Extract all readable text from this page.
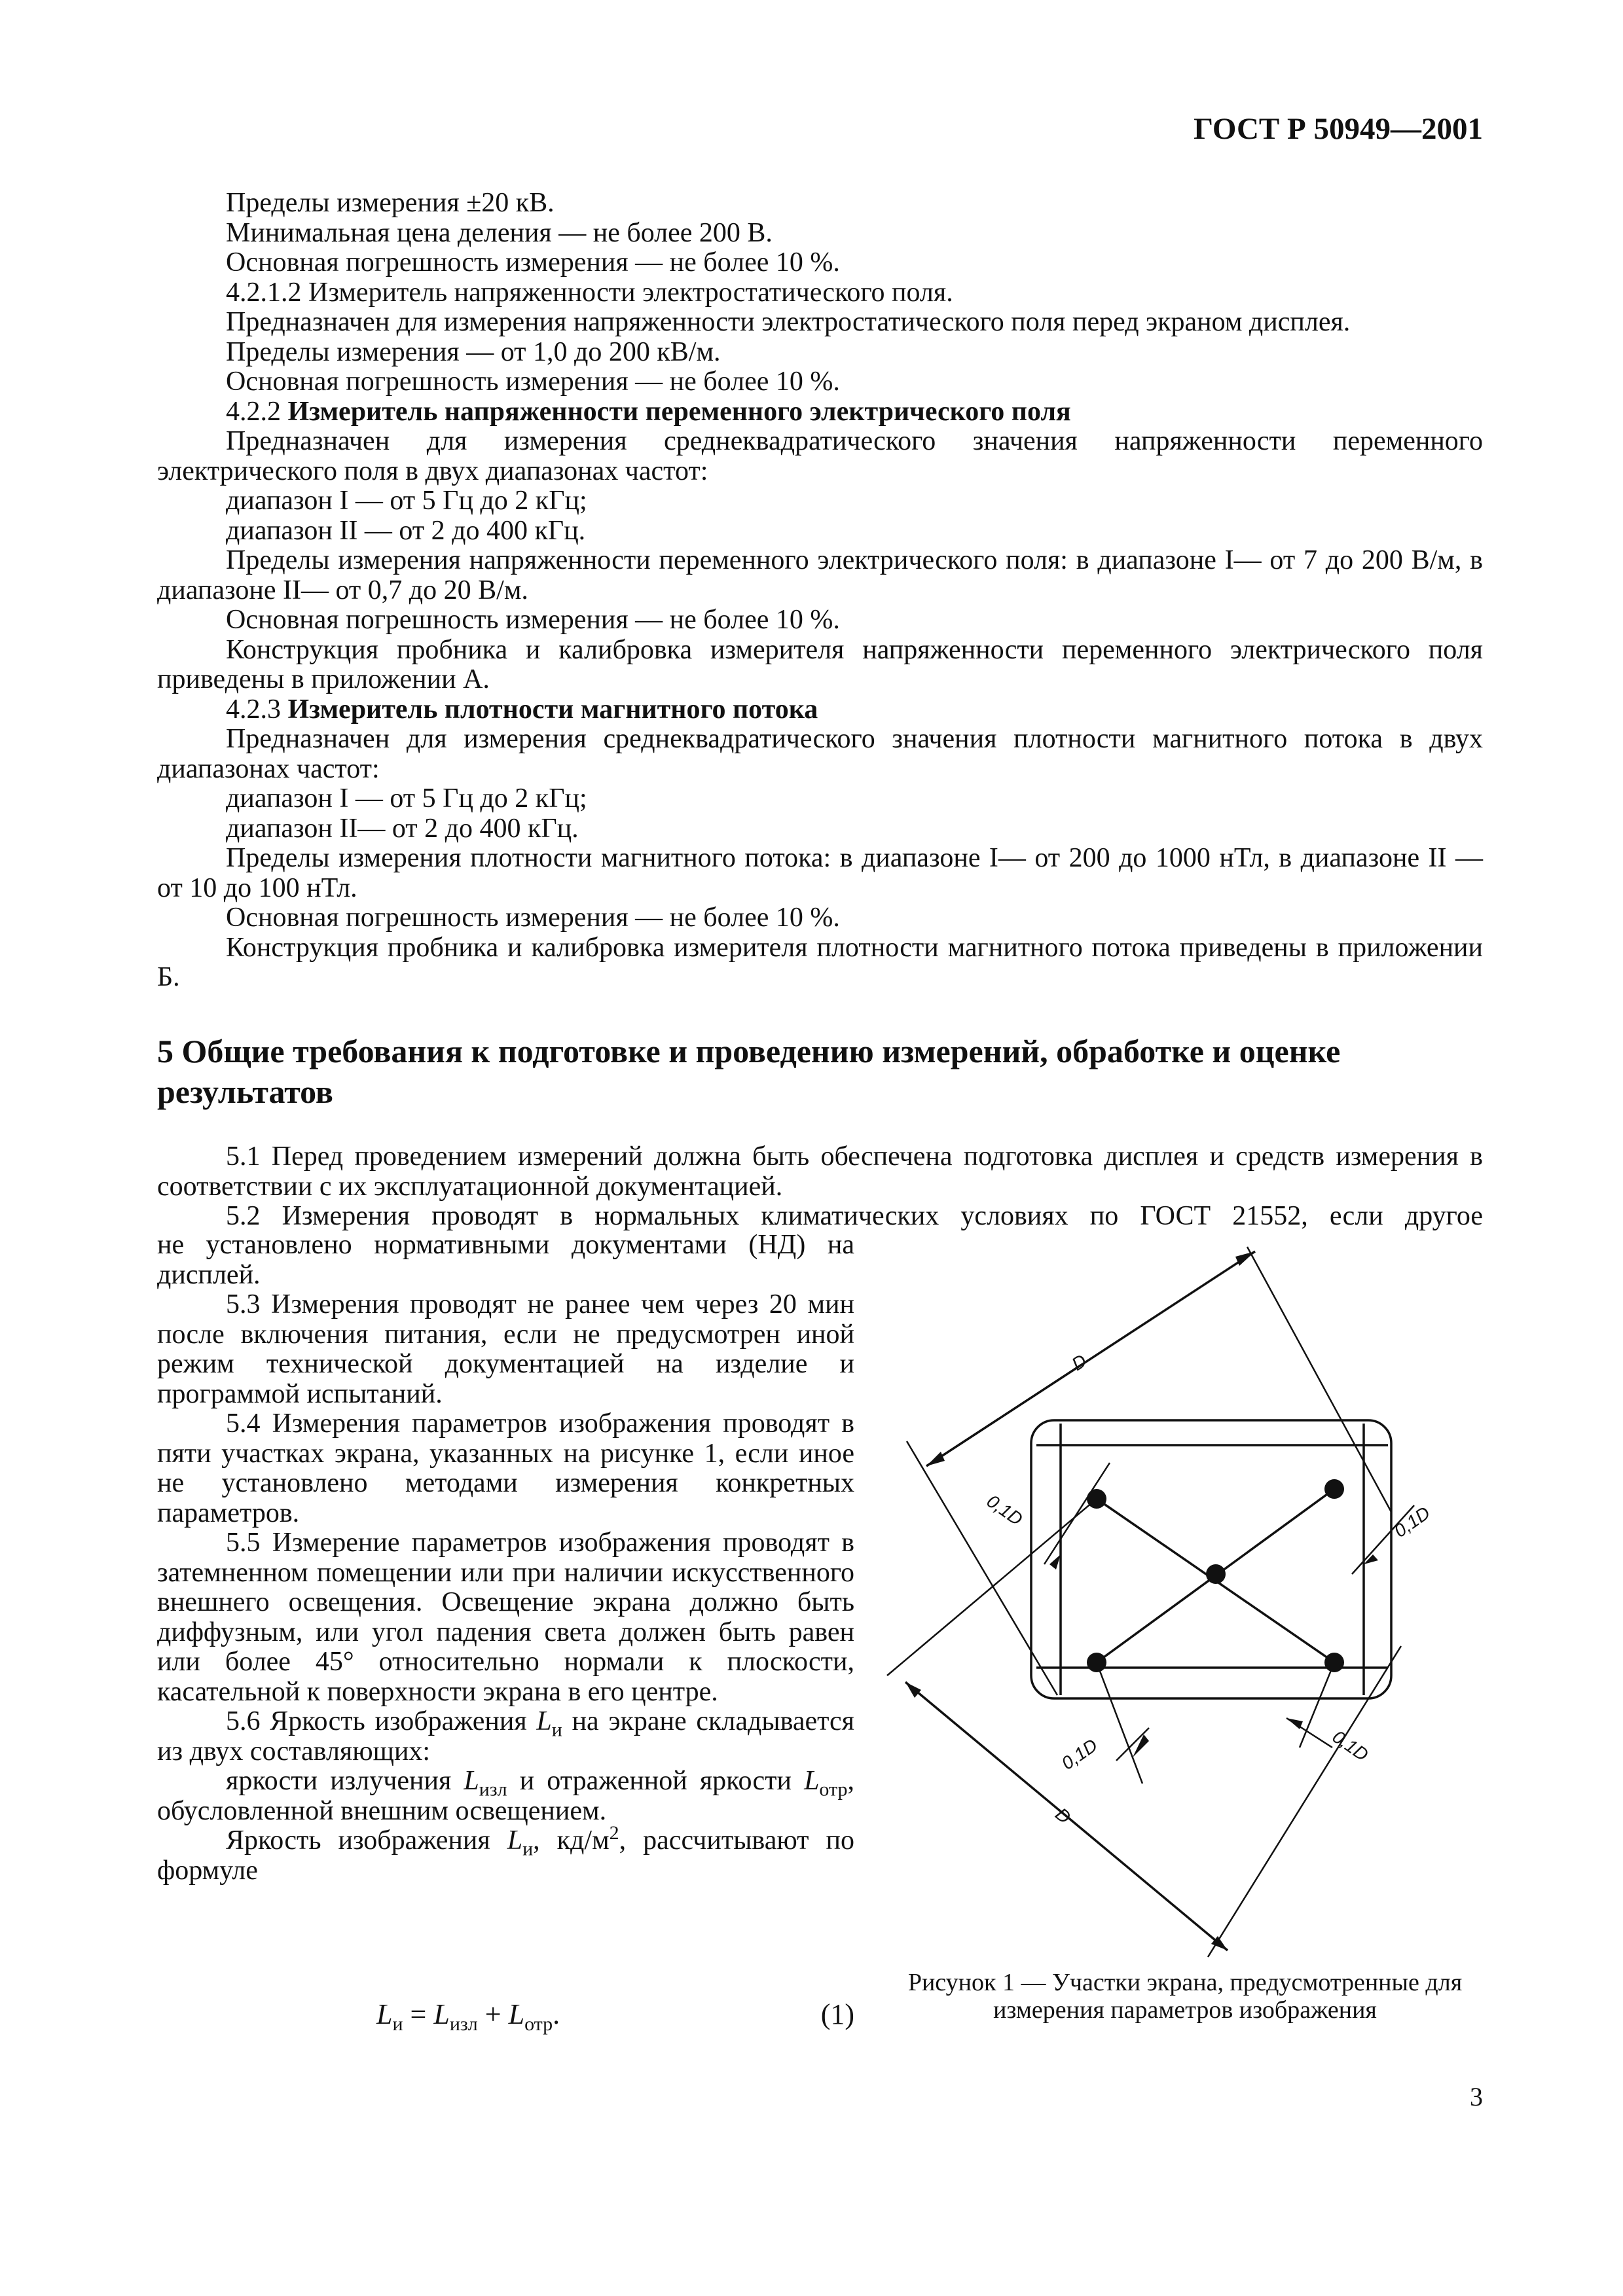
ГОСТ Р 50949—2001

Пределы измерения ±20 кВ.

Минимальная цена деления — не более 200 В.

Основная погрешность измерения — не более 10 %.

4.2.1.2 Измеритель напряженности электростатического поля.

Предназначен для измерения напряженности электростатического поля перед экраном дисплея.

Пределы измерения — от 1,0 до 200 кВ/м.

Основная погрешность измерения — не более 10 %.

4.2.2 Измеритель напряженности переменного электрического поля

Предназначен для измерения среднеквадратического значения напряженности переменного электрического поля в двух диапазонах частот:

диапазон I — от 5 Гц до 2 кГц;

диапазон II — от 2 до 400 кГц.

Пределы измерения напряженности переменного электрического поля: в диапазоне I— от 7 до 200 В/м, в диапазоне II— от 0,7 до 20 В/м.

Основная погрешность измерения — не более 10 %.

Конструкция пробника и калибровка измерителя напряженности переменного электрического поля приведены в приложении А.

4.2.3 Измеритель плотности магнитного потока

Предназначен для измерения среднеквадратического значения плотности магнитного потока в двух диапазонах частот:

диапазон I — от 5 Гц до 2 кГц;

диапазон II— от 2 до 400 кГц.

Пределы измерения плотности магнитного потока: в диапазоне I— от 200 до 1000 нТл, в диапазоне II — от 10 до 100 нТл.

Основная погрешность измерения — не более 10 %.

Конструкция пробника и калибровка измерителя плотности магнитного потока приведены в приложении Б.

5 Общие требования к подготовке и проведению измерений, обработке и оценке результатов

5.1 Перед проведением измерений должна быть обеспечена подготовка дисплея и средств измерения в соответствии с их эксплуатационной документацией.

5.2 Измерения проводят в нормальных климатических условиях по ГОСТ 21552, если другое

не установлено нормативными документами (НД) на дисплей.

5.3 Измерения проводят не ранее чем через 20 мин после включения питания, если не предусмотрен иной режим технической документацией на изделие и программой испытаний.

5.4 Измерения параметров изображения проводят в пяти участках экрана, указанных на рисунке 1, если иное не установлено методами измерения конкретных параметров.

5.5 Измерение параметров изображения проводят в затемненном помещении или при наличии искусственного внешнего освещения. Освещение экрана должно быть диффузным, или угол падения света должен быть равен или более 45° относительно нормали к плоскости, касательной к поверхности экрана в его центре.

5.6 Яркость изображения $L_и$ на экране складывается из двух составляющих:

яркости излучения $L_{изл}$ и отраженной яркости $L_{отр}$, обусловленной внешним освещением.

Яркость изображения $L_и$, $кд/м^2$, рассчитывают по формуле

$L_и = L_{изл} + L_{отр}$.	(1)
D
D
0,1D	0,1D
0,1D	0,1D
Рисунок 1 — Участки экрана, предусмотренные для измерения параметров изображения
3
